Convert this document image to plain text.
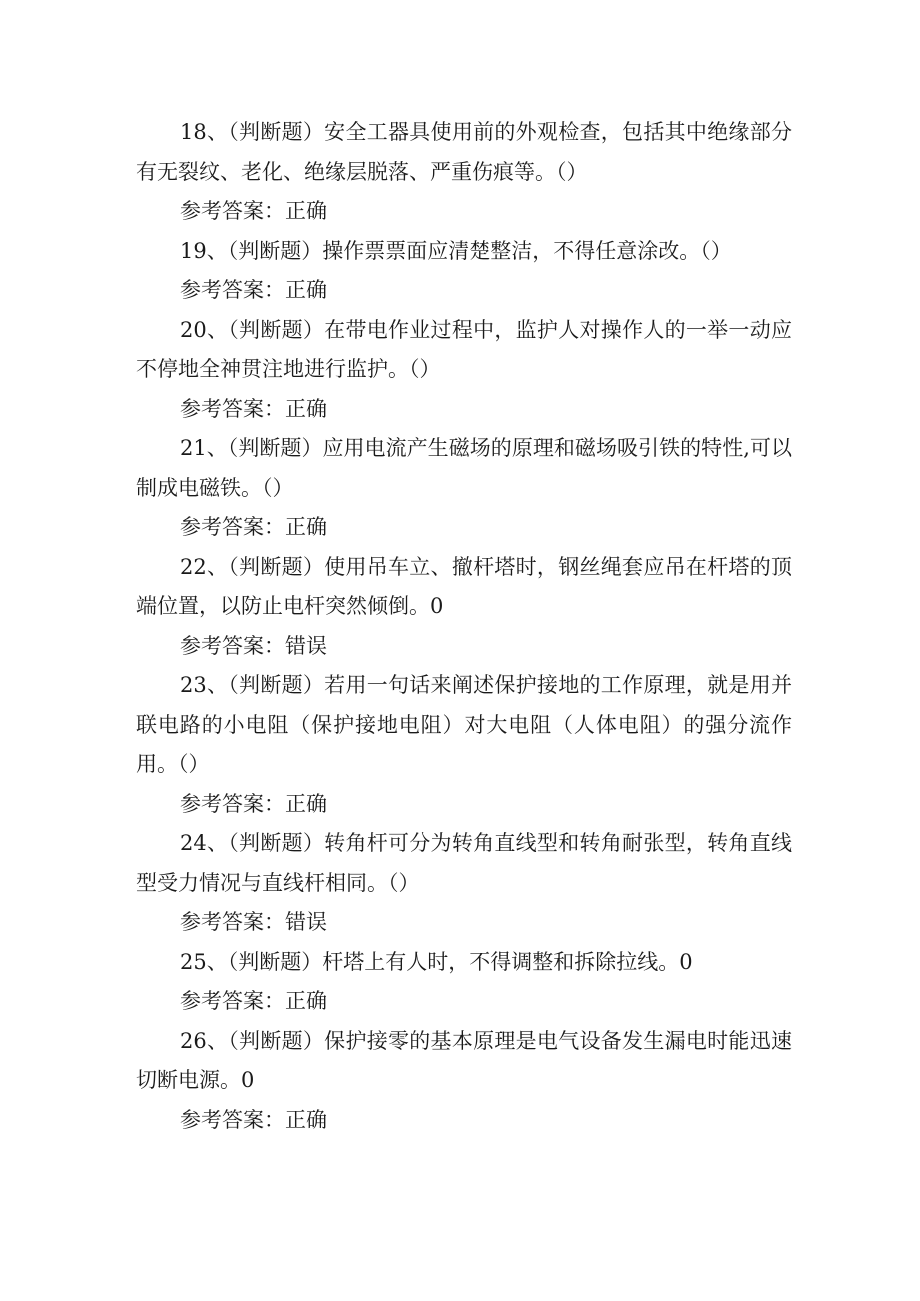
18、（判断题）安全工器具使用前的外观检查，包括其中绝缘部分有无裂纹、老化、绝缘层脱落、严重伤痕等。（）

参考答案：正确

19、（判断题）操作票票面应清楚整洁，不得任意涂改。（）

参考答案：正确

20、（判断题）在带电作业过程中，监护人对操作人的一举一动应不停地全神贯注地进行监护。（）

参考答案：正确

21、（判断题）应用电流产生磁场的原理和磁场吸引铁的特性,可以制成电磁铁。（）

参考答案：正确

22、（判断题）使用吊车立、撤杆塔时，钢丝绳套应吊在杆塔的顶端位置，以防止电杆突然倾倒。0

参考答案：错误

23、（判断题）若用一句话来阐述保护接地的工作原理，就是用并联电路的小电阻（保护接地电阻）对大电阻（人体电阻）的强分流作用。（）

参考答案：正确

24、（判断题）转角杆可分为转角直线型和转角耐张型，转角直线型受力情况与直线杆相同。（）

参考答案：错误

25、（判断题）杆塔上有人时，不得调整和拆除拉线。0

参考答案：正确

26、（判断题）保护接零的基本原理是电气设备发生漏电时能迅速切断电源。0

参考答案：正确
